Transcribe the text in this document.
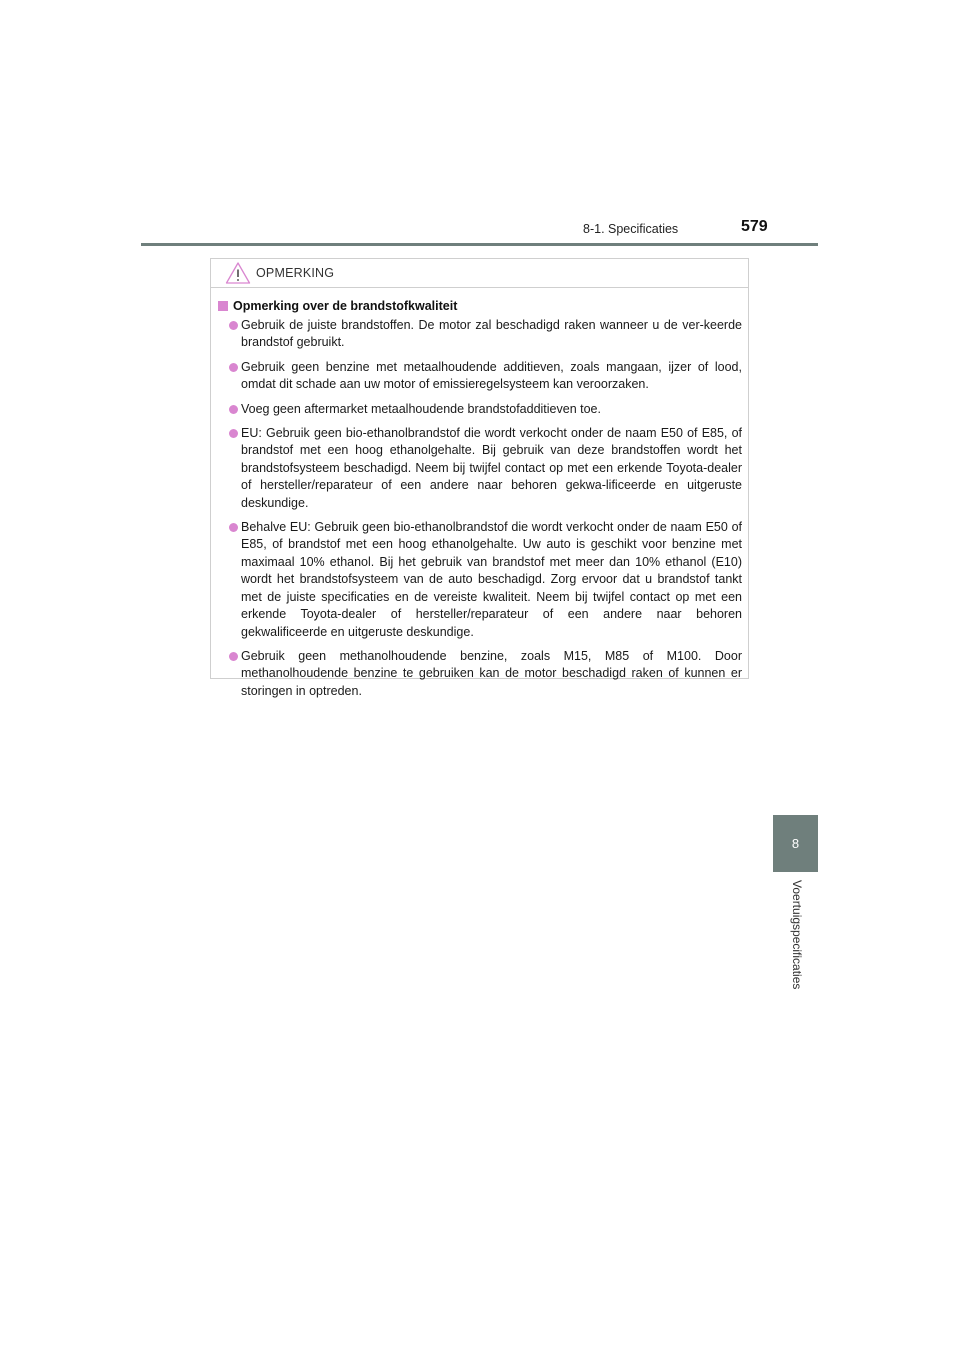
8-1. Specificaties	579
8
Voertuigspecificaties
OPMERKING
Opmerking over de brandstofkwaliteit
Gebruik de juiste brandstoffen. De motor zal beschadigd raken wanneer u de ver-keerde brandstof gebruikt.
Gebruik geen benzine met metaalhoudende additieven, zoals mangaan, ijzer of lood, omdat dit schade aan uw motor of emissieregelsysteem kan veroorzaken.
Voeg geen aftermarket metaalhoudende brandstofadditieven toe.
EU: Gebruik geen bio-ethanolbrandstof die wordt verkocht onder de naam E50 of E85, of brandstof met een hoog ethanolgehalte. Bij gebruik van deze brandstoffen wordt het brandstofsysteem beschadigd. Neem bij twijfel contact op met een erkende Toyota-dealer of hersteller/reparateur of een andere naar behoren gekwa-lificeerde en uitgeruste deskundige.
Behalve EU: Gebruik geen bio-ethanolbrandstof die wordt verkocht onder de naam E50 of E85, of brandstof met een hoog ethanolgehalte. Uw auto is geschikt voor benzine met maximaal 10% ethanol. Bij het gebruik van brandstof met meer dan 10% ethanol (E10) wordt het brandstofsysteem van de auto beschadigd. Zorg ervoor dat u brandstof tankt met de juiste specificaties en de vereiste kwaliteit. Neem bij twijfel contact op met een erkende Toyota-dealer of hersteller/reparateur of een andere naar behoren gekwalificeerde en uitgeruste deskundige.
Gebruik geen methanolhoudende benzine, zoals M15, M85 of M100. Door methanolhoudende benzine te gebruiken kan de motor beschadigd raken of kunnen er storingen in optreden.
